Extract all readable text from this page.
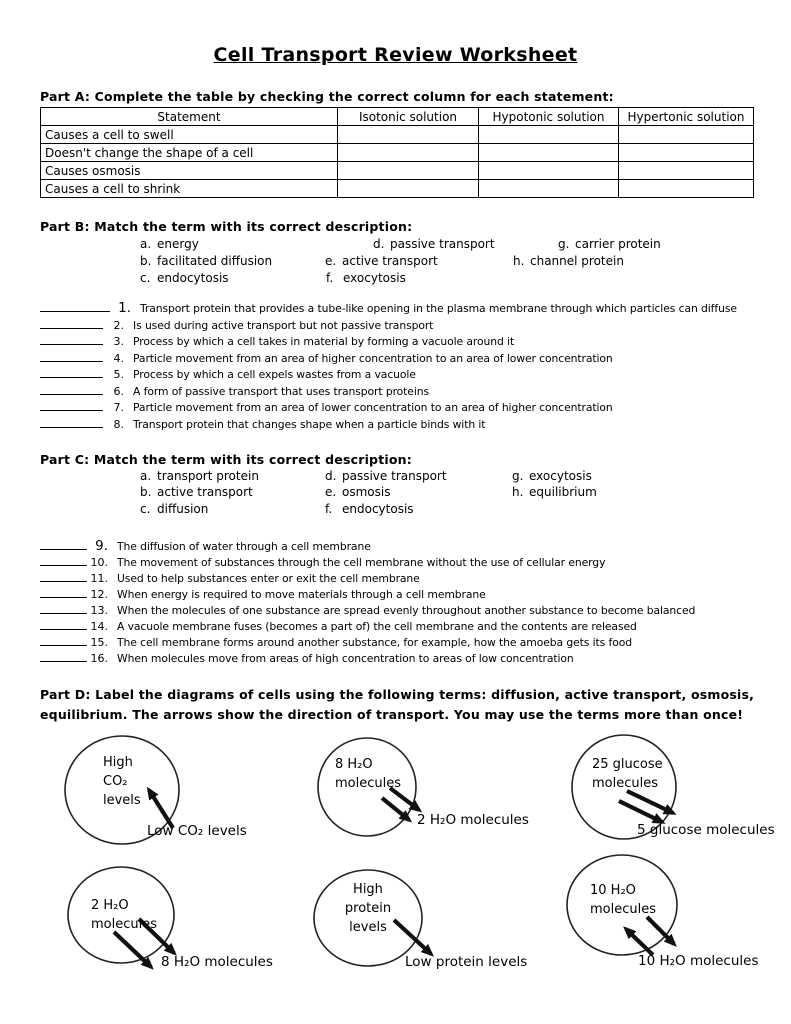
Cell Transport Review Worksheet
Part A: Complete the table by checking the correct column for each statement:
Statement	Isotonic solution	Hypotonic solution	Hypertonic solution
Causes a cell to swell			
Doesn't change the shape of a cell			
Causes osmosis			
Causes a cell to shrink			
Part B: Match the term with its correct description:
a. energy	d. passive transport	g. carrier protein
b. facilitated diffusion	e. active transport	h. channel protein
c. endocytosis	f. exocytosis
1. Transport protein that provides a tube-like opening in the plasma membrane through which particles can diffuse
2. Is used during active transport but not passive transport
3. Process by which a cell takes in material by forming a vacuole around it
4. Particle movement from an area of higher concentration to an area of lower concentration
5. Process by which a cell expels wastes from a vacuole
6. A form of passive transport that uses transport proteins
7. Particle movement from an area of lower concentration to an area of higher concentration
8. Transport protein that changes shape when a particle binds with it
Part C: Match the term with its correct description:
a. transport protein	d. passive transport	g. exocytosis
b. active transport	e. osmosis	h. equilibrium
c. diffusion	f. endocytosis
9. The diffusion of water through a cell membrane
10. The movement of substances through the cell membrane without the use of cellular energy
11. Used to help substances enter or exit the cell membrane
12. When energy is required to move materials through a cell membrane
13. When the molecules of one substance are spread evenly throughout another substance to become balanced
14. A vacuole membrane fuses (becomes a part of) the cell membrane and the contents are released
15. The cell membrane forms around another substance, for example, how the amoeba gets its food
16. When molecules move from areas of high concentration to areas of low concentration
Part D: Label the diagrams of cells using the following terms: diffusion, active transport, osmosis,
equilibrium. The arrows show the direction of transport. You may use the terms more than once!
High
CO₂
levels
Low CO₂ levels
8 H₂O
molecules
2 H₂O molecules
25 glucose
molecules
5 glucose molecules
2 H₂O
molecules
8 H₂O molecules
High
protein
levels
Low protein levels
10 H₂O
molecules
10 H₂O molecules
